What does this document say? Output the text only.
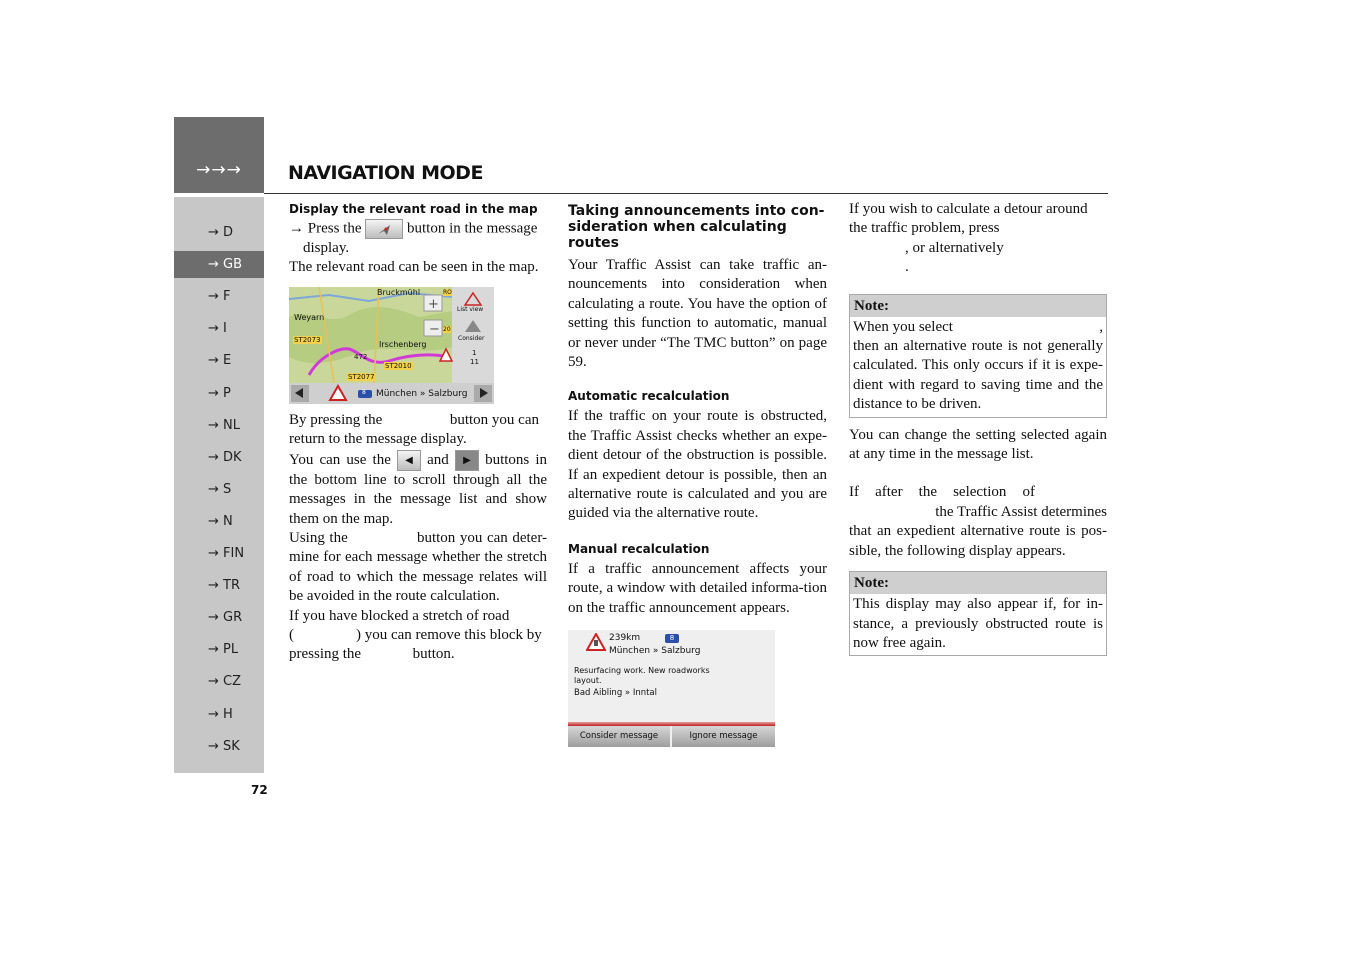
→→→	NAVIGATION MODE
→ D
→ GB
→ F
→ I
→ E
→ P
→ NL
→ DK
→ S
→ N
→ FIN
→ TR
→ GR
→ PL
→ CZ
→ H
→ SK
72

Display the relevant road in the map

→ Press the	button in the message
display.

The relevant road can be seen in the map.

+
−
Bruckmühl
Weyarn
ST2073	Irschenberg
ST2010
472
ST2077
RO
20
List view
Consider
1
11
8 München » Salzburg

By pressing the	button you can
return to the message display.

You can use the ◀ and ▶ buttons in the bottom line to scroll through all the messages in the message list and show them on the map.

Using the	button you can deter- mine for each message whether the stretch of road to which the message relates will be avoided in the route calculation.

If you have blocked a stretch of road
(	) you can remove this block by
pressing the	button.

Taking announcements into con-
sideration when calculating
routes

Your Traffic Assist can take traffic an-nouncements into consideration when calculating a route. You have the option of setting this function to automatic, manual or never under “The TMC button” on page 59.

Automatic recalculation

If the traffic on your route is obstructed, the Traffic Assist checks whether an expe-dient detour of the obstruction is possible. If an expedient detour is possible, then an alternative route is calculated and you are guided via the alternative route.

Manual recalculation

If a traffic announcement affects your route, a window with detailed informa-tion on the traffic announcement appears.

239km	8
München » Salzburg
Resurfacing work. New roadworks
layout.
Bad Aibling » Inntal
Consider message	Ignore message

If you wish to calculate a detour around

the traffic problem, press
, or alternatively
.

Note:
When you select	,
then an alternative route is not generally calculated. This only occurs if it is expe-dient with regard to saving time and the distance to be driven.

You can change the setting selected again at any time in the message list.

If after the selection of
the Traffic Assist determines
that an expedient alternative route is pos-sible, the following display appears.

Note:
This display may also appear if, for in-stance, a previously obstructed route is now free again.
